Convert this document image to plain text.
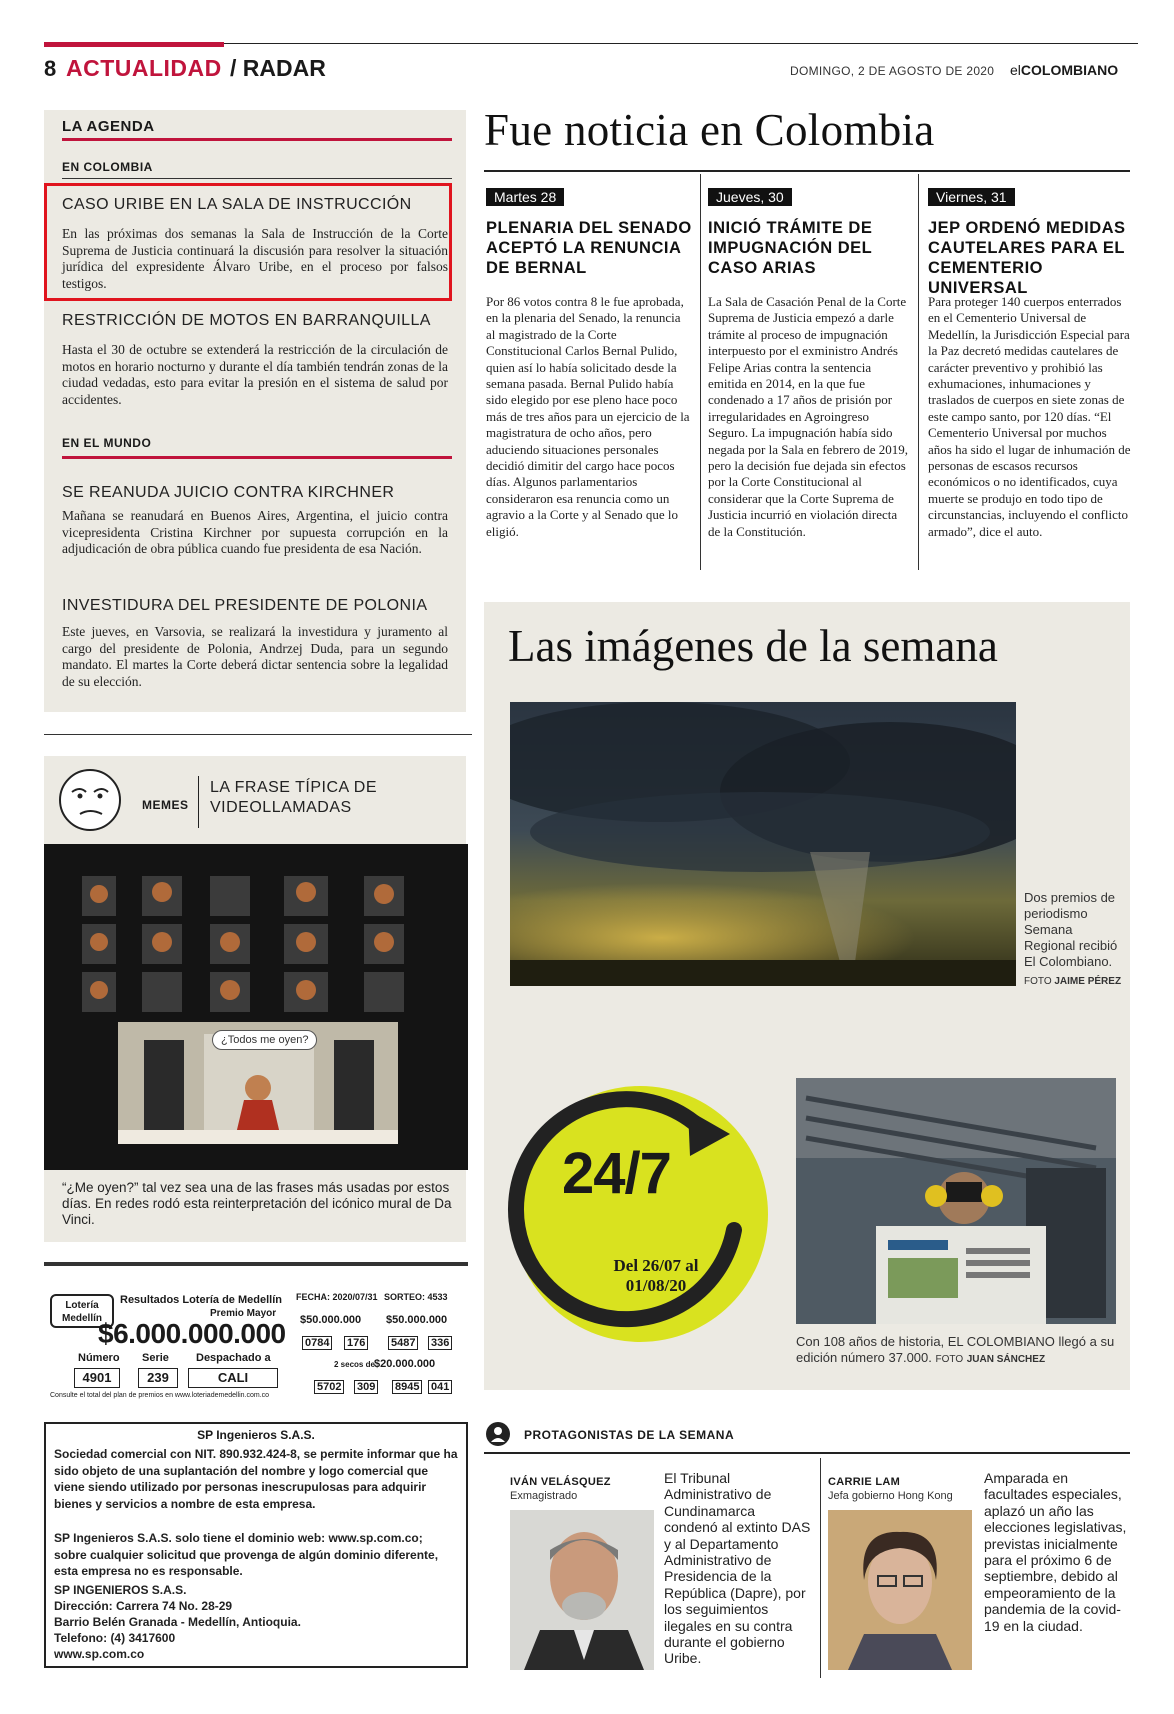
8 ACTUALIDAD / RADAR	DOMINGO, 2 DE AGOSTO DE 2020 elCOLOMBIANO
LA AGENDA
EN COLOMBIA
CASO URIBE EN LA SALA DE INSTRUCCIÓN
En las próximas dos semanas la Sala de Instrucción de la Corte Suprema de Justicia continuará la discusión para resolver la situación jurídica del expresidente Álvaro Uribe, en el proceso por falsos testigos.
RESTRICCIÓN DE MOTOS EN BARRANQUILLA
Hasta el 30 de octubre se extenderá la restricción de la circulación de motos en horario nocturno y durante el día también tendrán zonas de la ciudad vedadas, esto para evitar la presión en el sistema de salud por accidentes.
EN EL MUNDO
SE REANUDA JUICIO CONTRA KIRCHNER
Mañana se reanudará en Buenos Aires, Argentina, el juicio contra vicepresidenta Cristina Kirchner por supuesta corrupción en la adjudicación de obra pública cuando fue presidenta de esa Nación.
INVESTIDURA DEL PRESIDENTE DE POLONIA
Este jueves, en Varsovia, se realizará la investidura y juramento al cargo del presidente de Polonia, Andrzej Duda, para un segundo mandato. El martes la Corte deberá dictar sentencia sobre la legalidad de su elección.
Fue noticia en Colombia
Martes 28
PLENARIA DEL SENADO ACEPTÓ LA RENUNCIA DE BERNAL
Por 86 votos contra 8 le fue aprobada, en la plenaria del Senado, la renuncia al magistrado de la Corte Constitucional Carlos Bernal Pulido, quien así lo había solicitado desde la semana pasada. Bernal Pulido había sido elegido por ese pleno hace poco más de tres años para un ejercicio de la magistratura de ocho años, pero aduciendo situaciones personales decidió dimitir del cargo hace pocos días. Algunos parlamentarios consideraron esa renuncia como un agravio a la Corte y al Senado que lo eligió.
Jueves, 30
INICIÓ TRÁMITE DE IMPUGNACIÓN DEL CASO ARIAS
La Sala de Casación Penal de la Corte Suprema de Justicia empezó a darle trámite al proceso de impugnación interpuesto por el exministro Andrés Felipe Arias contra la sentencia emitida en 2014, en la que fue condenado a 17 años de prisión por irregularidades en Agroingreso Seguro. La impugnación había sido negada por la Sala en febrero de 2019, pero la decisión fue dejada sin efectos por la Corte Constitucional al considerar que la Corte Suprema de Justicia incurrió en violación directa de la Constitución.
Viernes, 31
JEP ORDENÓ MEDIDAS CAUTELARES PARA EL CEMENTERIO UNIVERSAL
Para proteger 140 cuerpos enterrados en el Cementerio Universal de Medellín, la Jurisdicción Especial para la Paz decretó medidas cautelares de carácter preventivo y prohibió las exhumaciones, inhumaciones y traslados de cuerpos en siete zonas de este campo santo, por 120 días. “El Cementerio Universal por muchos años ha sido el lugar de inhumación de personas de escasos recursos económicos o no identificados, cuya muerte se produjo en todo tipo de circunstancias, incluyendo el conflicto armado”, dice el auto.
Las imágenes de la semana
Dos premios de periodismo Semana Regional recibió El Colombiano.
FOTO JAIME PÉREZ
24/7
Del 26/07 al 01/08/20
Con 108 años de historia, EL COLOMBIANO llegó a su edición número 37.000. FOTO JUAN SÁNCHEZ
MEMES
LA FRASE TÍPICA DE VIDEOLLAMADAS
¿Todos me oyen?
“¿Me oyen?” tal vez sea una de las frases más usadas por estos días. En redes rodó esta reinterpretación del icónico mural de Da Vinci.
Lotería
Medellín
Resultados Lotería de Medellín
Premio Mayor
$6.000.000.000
Número Serie Despachado a
4901	239	CALI
Consulte el total del plan de premios en www.loteriademedellin.com.co
FECHA: 2020/07/31 SORTEO: 4533
$50.000.000 $50.000.000
0784 176 5487 336
2 secos de $20.000.000
5702 309 8945 041
SP Ingenieros S.A.S.
Sociedad comercial con NIT. 890.932.424-8, se permite informar que ha sido objeto de una suplantación del nombre y logo comercial que viene siendo utilizado por personas inescrupulosas para adquirir bienes y servicios a nombre de esta empresa.
SP Ingenieros S.A.S. solo tiene el dominio web: www.sp.com.co; sobre cualquier solicitud que provenga de algún dominio diferente, esta empresa no es responsable.
SP INGENIEROS S.A.S.
Dirección: Carrera 74 No. 28-29
Barrio Belén Granada - Medellín, Antioquia.
Telefono: (4) 3417600
www.sp.com.co
PROTAGONISTAS DE LA SEMANA
IVÁN VELÁSQUEZ
Exmagistrado
El Tribunal Administrativo de Cundinamarca condenó al extinto DAS y al Departamento Administrativo de Presidencia de la República (Dapre), por los seguimientos ilegales en su contra durante el gobierno Uribe.
CARRIE LAM
Jefa gobierno Hong Kong
Amparada en facultades especiales, aplazó un año las elecciones legislativas, previstas inicialmente para el próximo 6 de septiembre, debido al empeoramiento de la pandemia de la covid-19 en la ciudad.
